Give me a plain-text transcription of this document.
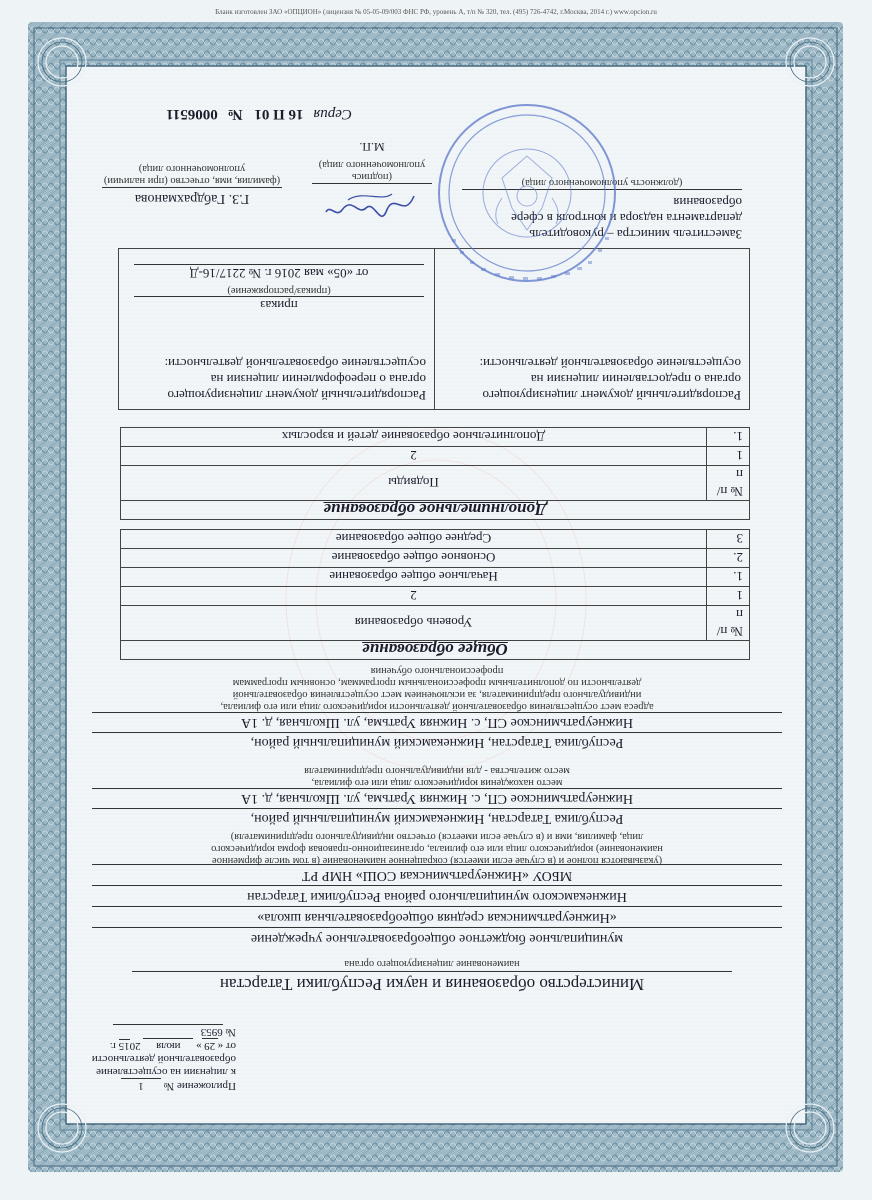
Бланк изготовлен ЗАО «ОПЦИОН» (лицензия № 05-05-09/003 ФНС РФ, уровень А, т/п № 320, тел. (495) 726-4742, г.Москва, 2014 г.) www.opcion.ru
Приложение № 1
к лицензии на осуществление
образовательной деятельности
от «29» июля 2015 г.
№ 6953
Министерство образования и науки Республики Татарстан
наименование лицензирующего органа
муниципальное бюджетное общеобразовательное учреждение
«Нижнеуратьминская средняя общеобразовательная школа»
Нижнекамского муниципального района Республики Татарстан
МБОУ «Нижнеуратьминская СОШ» НМР РТ
(указываются полное и (в случае если имеется) сокращенное наименование (в том числе фирменное
наименование) юридического лица или его филиала, организационно-правовая форма юридического
лица, фамилия, имя и (в случае если имеется) отчество индивидуального предпринимателя)
Республика Татарстан, Нижнекамский муниципальный район,
Нижнеуратьминское СП, с. Нижняя Уратьма, ул. Школьная, д. 1А
место нахождения юридического лица или его филиала,
место жительства - для индивидуального предпринимателя
Республика Татарстан, Нижнекамский муниципальный район,
Нижнеуратьминское СП, с. Нижняя Уратьма, ул. Школьная, д. 1А
адреса мест осуществления образовательной деятельности юридического лица или его филиала,
индивидуального предпринимателя, за исключением мест осуществления образовательной
деятельности по дополнительным профессиональным программам, основным программам
профессионального обучения
Общее образование	
№ п/п	Уровень образования
1	2
1.	Начальное общее образование
2.	Основное общее образование
3	Среднее общее образование
Дополнительное образование	
№ п/п	Подвиды
1	2
1.	Дополнительное образование детей и взрослых
Распорядительный документ лицензирующего органа о предоставлении лицензии на осуществление образовательной деятельности:
Распорядительный документ лицензирующего органа о переоформлении лицензии на осуществление образовательной деятельности:
приказ
(приказ/распоряжение)
от «05» мая 2016 г. № 2217/16-Д
Заместитель министра – руководитель департамента надзора и контроля в сфере образования
(должность уполномоченного лица)
(подпись уполномоченного лица)
М.П.
Г.З. Габдрахманова
(фамилия, имя, отчество (при наличии) уполномоченного лица)
Серия 16 П 01 № 0006511
